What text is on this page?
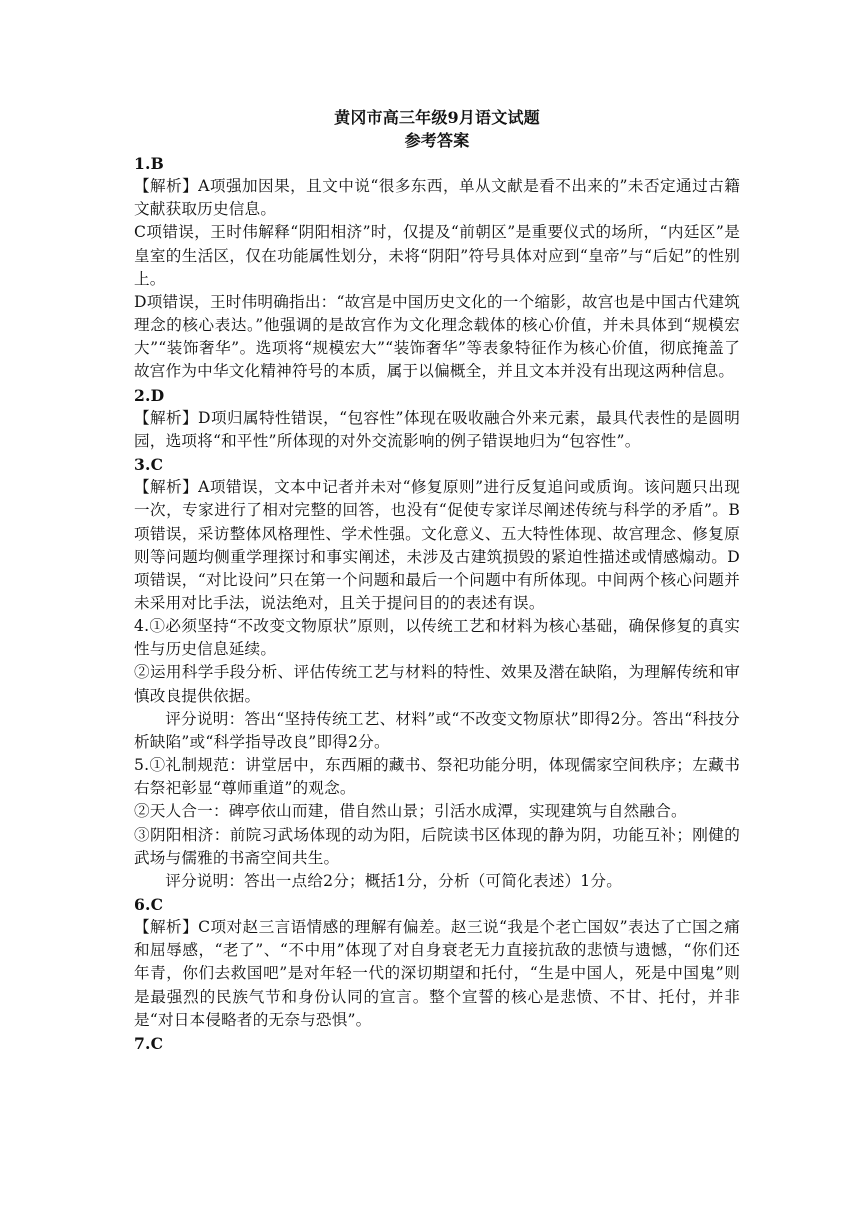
黄冈市高三年级9月语文试题

参考答案

1.B

【解析】A项强加因果，且文中说“很多东西，单从文献是看不出来的”未否定通过古籍文献获取历史信息。

C项错误，王时伟解释“阴阳相济”时，仅提及“前朝区”是重要仪式的场所，“内廷区”是皇室的生活区，仅在功能属性划分，未将“阴阳”符号具体对应到“皇帝”与“后妃”的性别上。

D项错误，王时伟明确指出：“故宫是中国历史文化的一个缩影，故宫也是中国古代建筑理念的核心表达。”他强调的是故宫作为文化理念载体的核心价值，并未具体到“规模宏大”“装饰奢华”。选项将“规模宏大”“装饰奢华”等表象特征作为核心价值，彻底掩盖了故宫作为中华文化精神符号的本质，属于以偏概全，并且文本并没有出现这两种信息。

2.D

【解析】D项归属特性错误，“包容性”体现在吸收融合外来元素，最具代表性的是圆明园，选项将“和平性”所体现的对外交流影响的例子错误地归为“包容性”。

3.C

【解析】A项错误，文本中记者并未对“修复原则”进行反复追问或质询。该问题只出现一次，专家进行了相对完整的回答，也没有“促使专家详尽阐述传统与科学的矛盾”。B项错误，采访整体风格理性、学术性强。文化意义、五大特性体现、故宫理念、修复原则等问题均侧重学理探讨和事实阐述，未涉及古建筑损毁的紧迫性描述或情感煽动。D项错误，“对比设问”只在第一个问题和最后一个问题中有所体现。中间两个核心问题并未采用对比手法，说法绝对，且关于提问目的的表述有误。

4.①必须坚持“不改变文物原状”原则，以传统工艺和材料为核心基础，确保修复的真实性与历史信息延续。

②运用科学手段分析、评估传统工艺与材料的特性、效果及潜在缺陷，为理解传统和审慎改良提供依据。

评分说明：答出“坚持传统工艺、材料”或“不改变文物原状”即得2分。答出“科技分析缺陷”或“科学指导改良”即得2分。

5.①礼制规范：讲堂居中，东西厢的藏书、祭祀功能分明，体现儒家空间秩序；左藏书右祭祀彰显“尊师重道”的观念。

②天人合一：碑亭依山而建，借自然山景；引活水成潭，实现建筑与自然融合。

③阴阳相济：前院习武场体现的动为阳，后院读书区体现的静为阴，功能互补；刚健的武场与儒雅的书斋空间共生。

评分说明：答出一点给2分；概括1分，分析（可简化表述）1分。

6.C

【解析】C项对赵三言语情感的理解有偏差。赵三说“我是个老亡国奴”表达了亡国之痛和屈辱感，“老了”、“不中用”体现了对自身衰老无力直接抗敌的悲愤与遗憾，“你们还年青，你们去救国吧”是对年轻一代的深切期望和托付，“生是中国人，死是中国鬼”则是最强烈的民族气节和身份认同的宣言。整个宣誓的核心是悲愤、不甘、托付，并非是“对日本侵略者的无奈与恐惧”。

7.C
